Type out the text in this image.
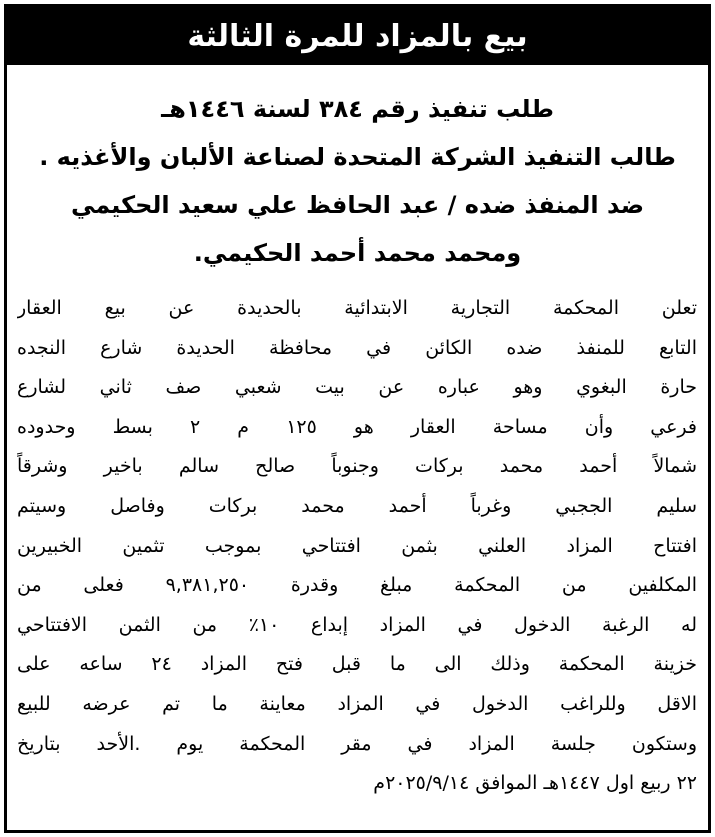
بيع بالمزاد للمرة الثالثة
طلب تنفيذ رقم ٣٨٤ لسنة ١٤٤٦هـ
طالب التنفيذ الشركة المتحدة لصناعة الألبان والأغذيه .
ضد المنفذ ضده / عبد الحافظ علي سعيد الحكيمي
ومحمد محمد أحمد الحكيمي.
تعلن المحكمة التجارية الابتدائية بالحديدة عن بيع العقار
التابع للمنفذ ضده الكائن في محافظة الحديدة شارع النجده
حارة البغوي وهو عباره عن بيت شعبي صف ثاني لشارع
فرعي وأن مساحة العقار هو ١٢٥ م ٢ بسط وحدوده
شمالاً أحمد محمد بركات وجنوباً صالح سالم باخير وشرقاً
سليم الججبي وغرباً أحمد محمد بركات وفاصل وسيتم
افتتاح المزاد العلني بثمن افتتاحي بموجب تثمين الخبيرين
المكلفين من المحكمة مبلغ وقدرة ٩,٣٨١,٢٥٠ فعلى من
له الرغبة الدخول في المزاد إبداع ١٠٪ من الثمن الافتتاحي
خزينة المحكمة وذلك الى ما قبل فتح المزاد ٢٤ ساعه على
الاقل وللراغب الدخول في المزاد معاينة ما تم عرضه للبيع
وستكون جلسة المزاد في مقر المحكمة يوم .الأحد بتاريخ
٢٢ ربيع اول ١٤٤٧هـ الموافق ٢٠٢٥/٩/١٤م
